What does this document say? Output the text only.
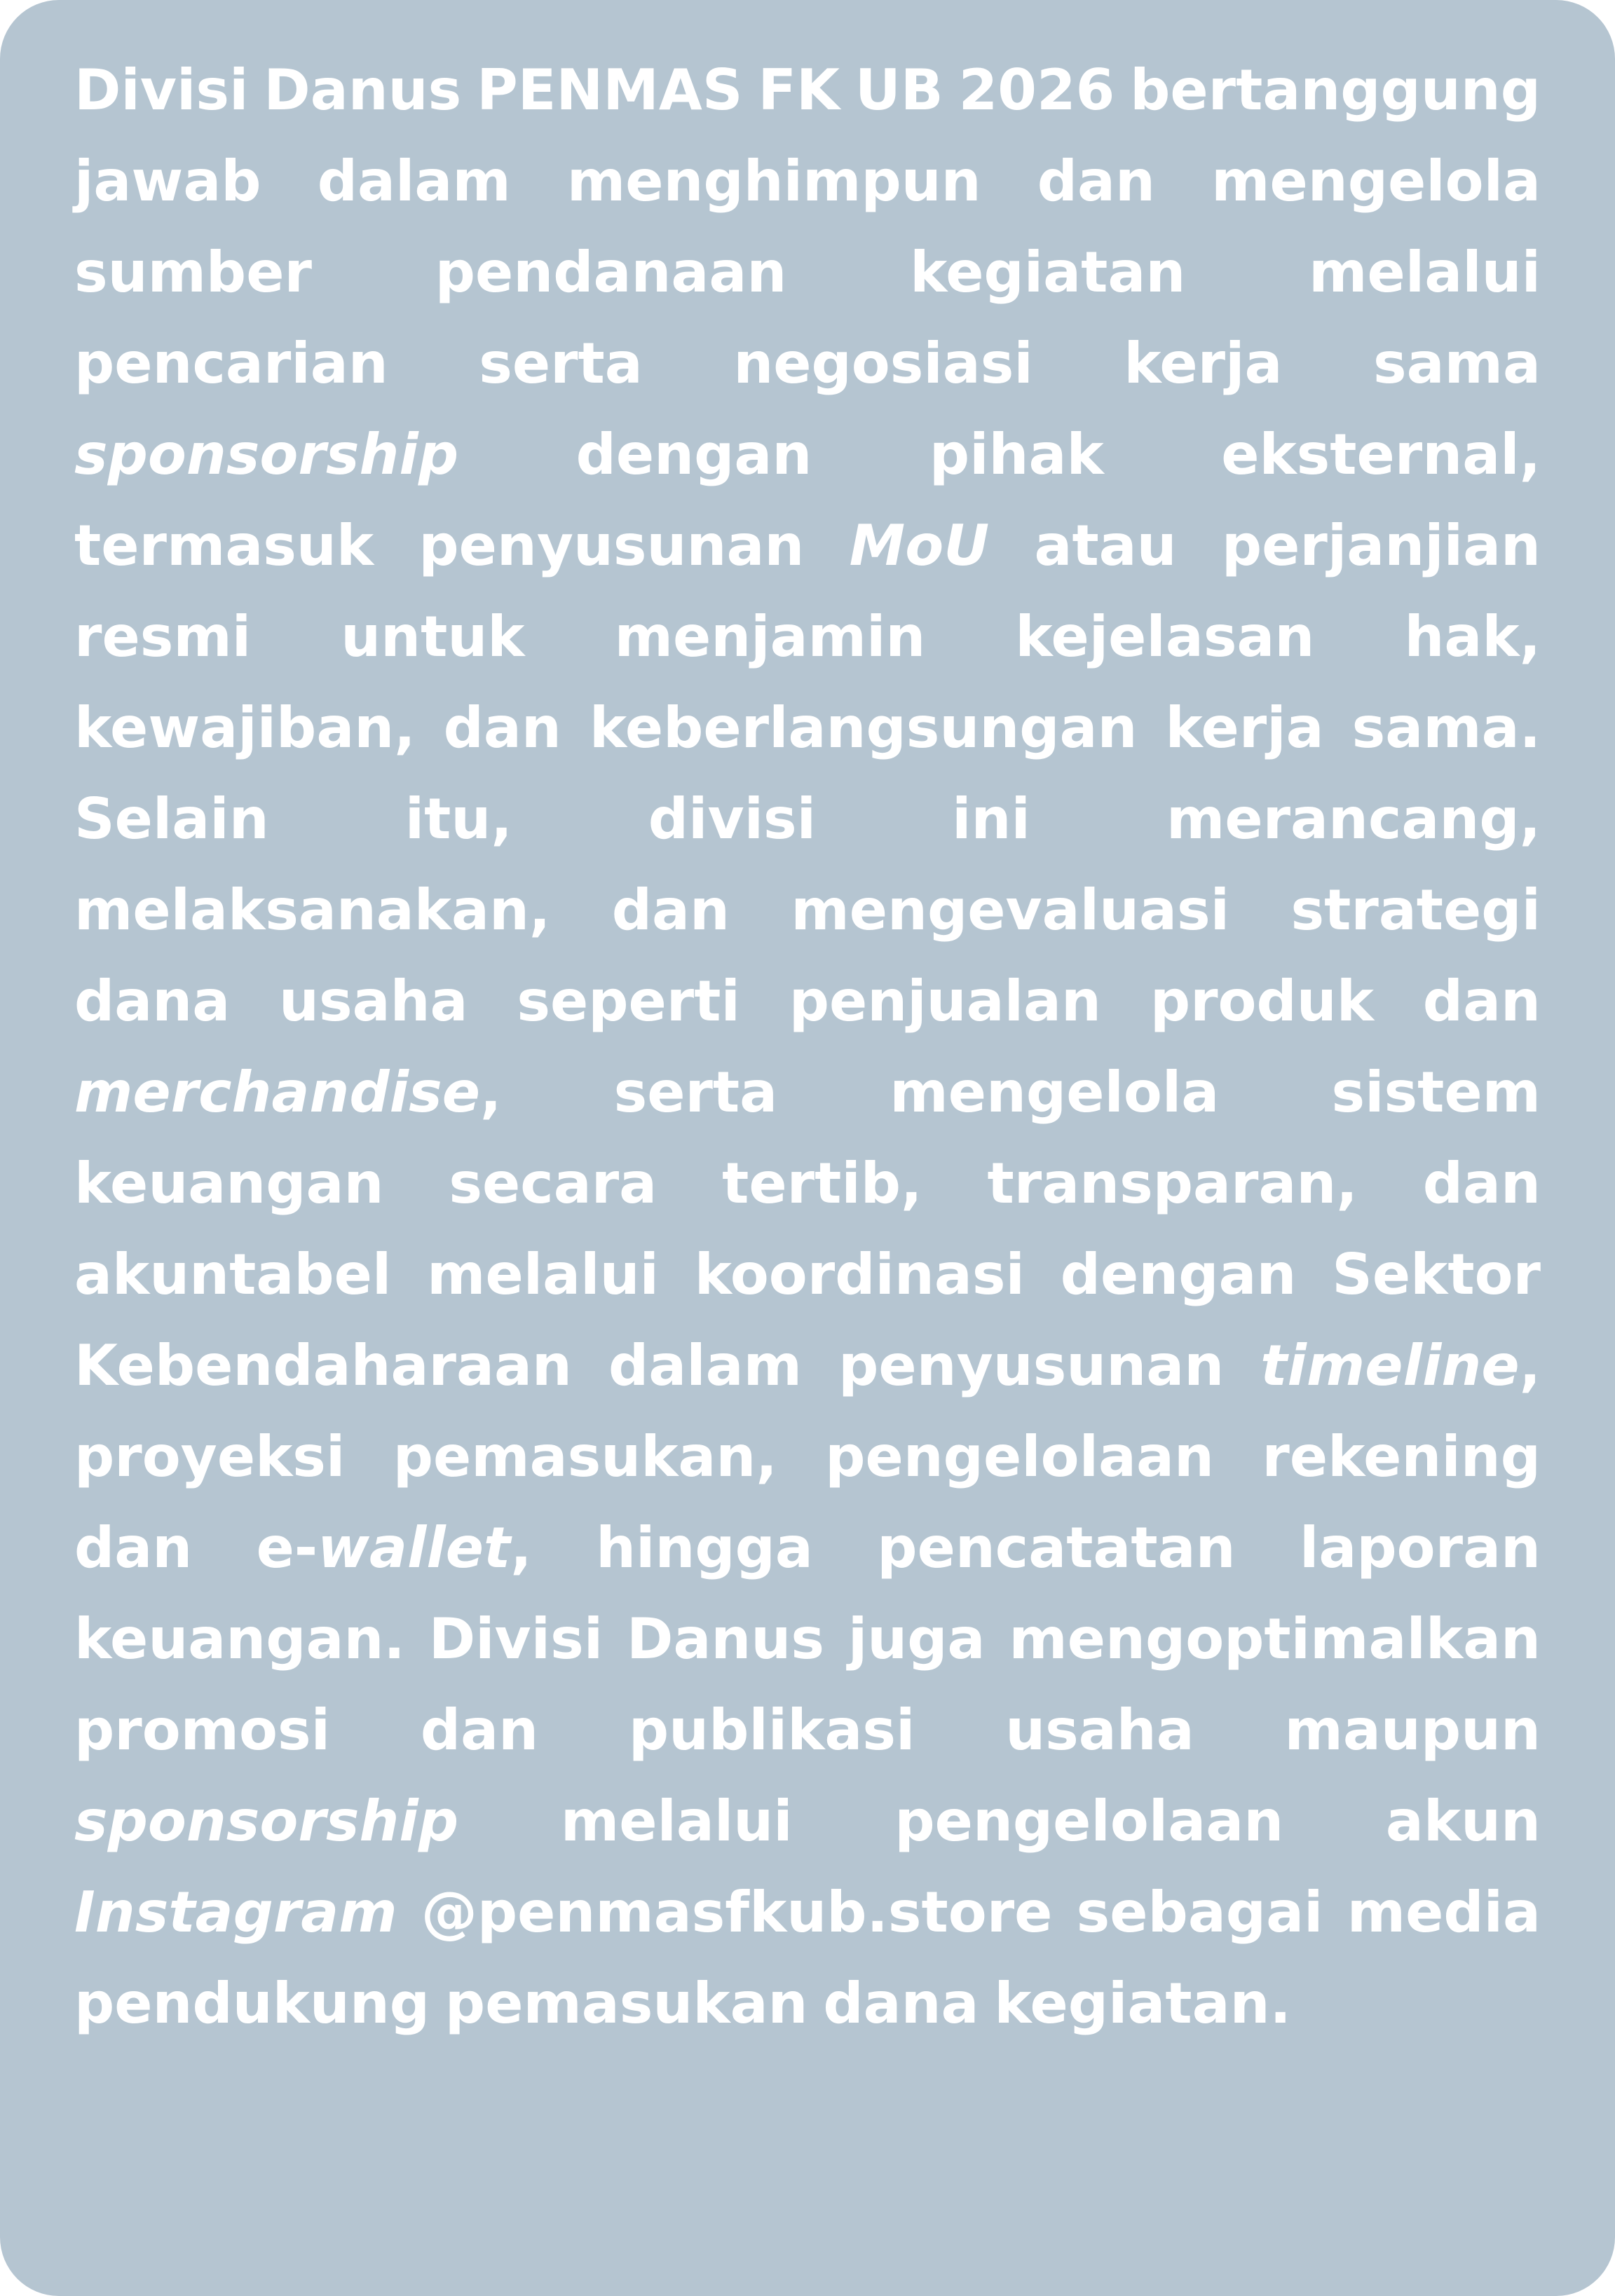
Divisi Danus PENMAS FK UB 2026 bertanggung jawab dalam menghimpun dan mengelola sumber pendanaan kegiatan melalui pencarian serta negosiasi kerja sama sponsorship dengan pihak eksternal, termasuk penyusunan MoU atau perjanjian resmi untuk menjamin kejelasan hak, kewajiban, dan keberlangsungan kerja sama. Selain itu, divisi ini merancang, melaksanakan, dan mengevaluasi strategi dana usaha seperti penjualan produk dan merchandise, serta mengelola sistem keuangan secara tertib, transparan, dan akuntabel melalui koordinasi dengan Sektor Kebendaharaan dalam penyusunan timeline, proyeksi pemasukan, pengelolaan rekening dan e-wallet, hingga pencatatan laporan keuangan. Divisi Danus juga mengoptimalkan promosi dan publikasi usaha maupun sponsorship melalui pengelolaan akun Instagram @penmasfkub.store sebagai media pendukung pemasukan dana kegiatan.
